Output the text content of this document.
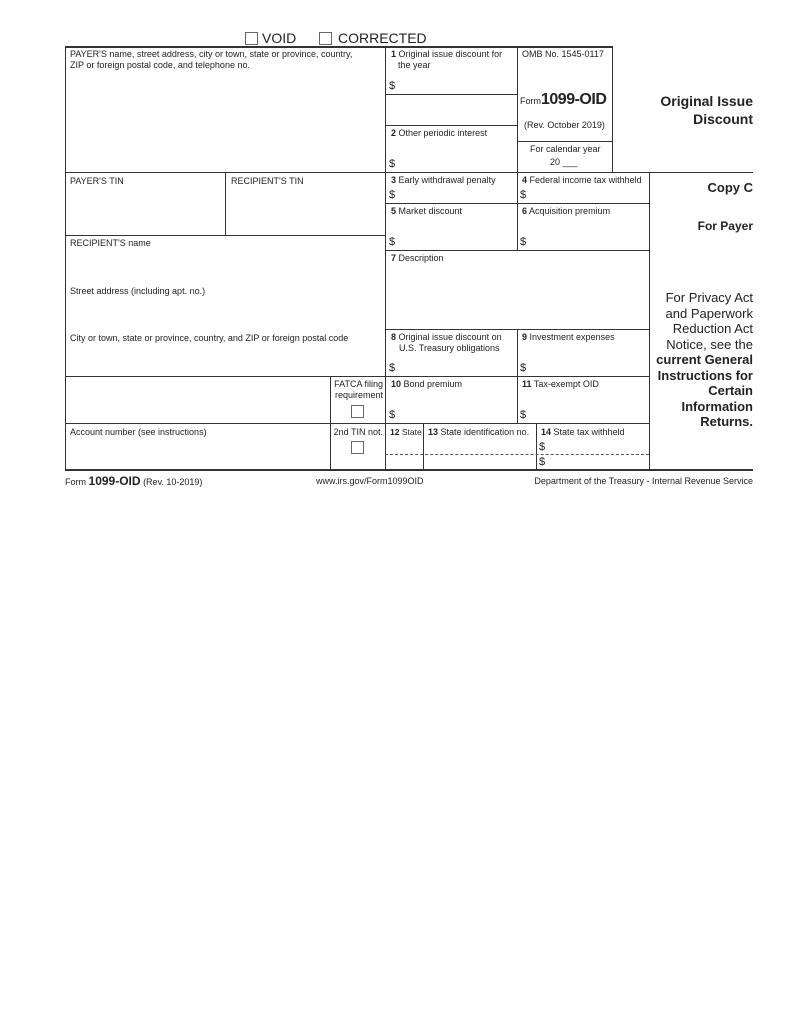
VOID	CORRECTED
PAYER'S name, street address, city or town, state or province, country,
ZIP or foreign postal code, and telephone no.
PAYER'S TIN	RECIPIENT'S TIN
RECIPIENT'S name
Street address (including apt. no.)
City or town, state or province, country, and ZIP or foreign postal code
FATCA filing
requirement
Account number (see instructions)	2nd TIN not.
1 Original issue discount for
the year
$
2 Other periodic interest
$
3 Early withdrawal penalty
$
4 Federal income tax withheld
$
5 Market discount
$
6 Acquisition premium
$
7 Description
8 Original issue discount on
U.S. Treasury obligations
$
9 Investment expenses
$
10 Bond premium
$
11 Tax-exempt OID
$
12 State 13 State identification no. 14 State tax withheld
$
$
OMB No. 1545-0117
Form1099-OID
(Rev. October 2019)
For calendar year
20 ___
Original Issue
Discount
Copy C
For Payer
For Privacy Act
and Paperwork
Reduction Act
Notice, see the
current General
Instructions for
Certain
Information
Returns.
Form 1099-OID (Rev. 10-2019)	www.irs.gov/Form1099OID	Department of the Treasury - Internal Revenue Service
